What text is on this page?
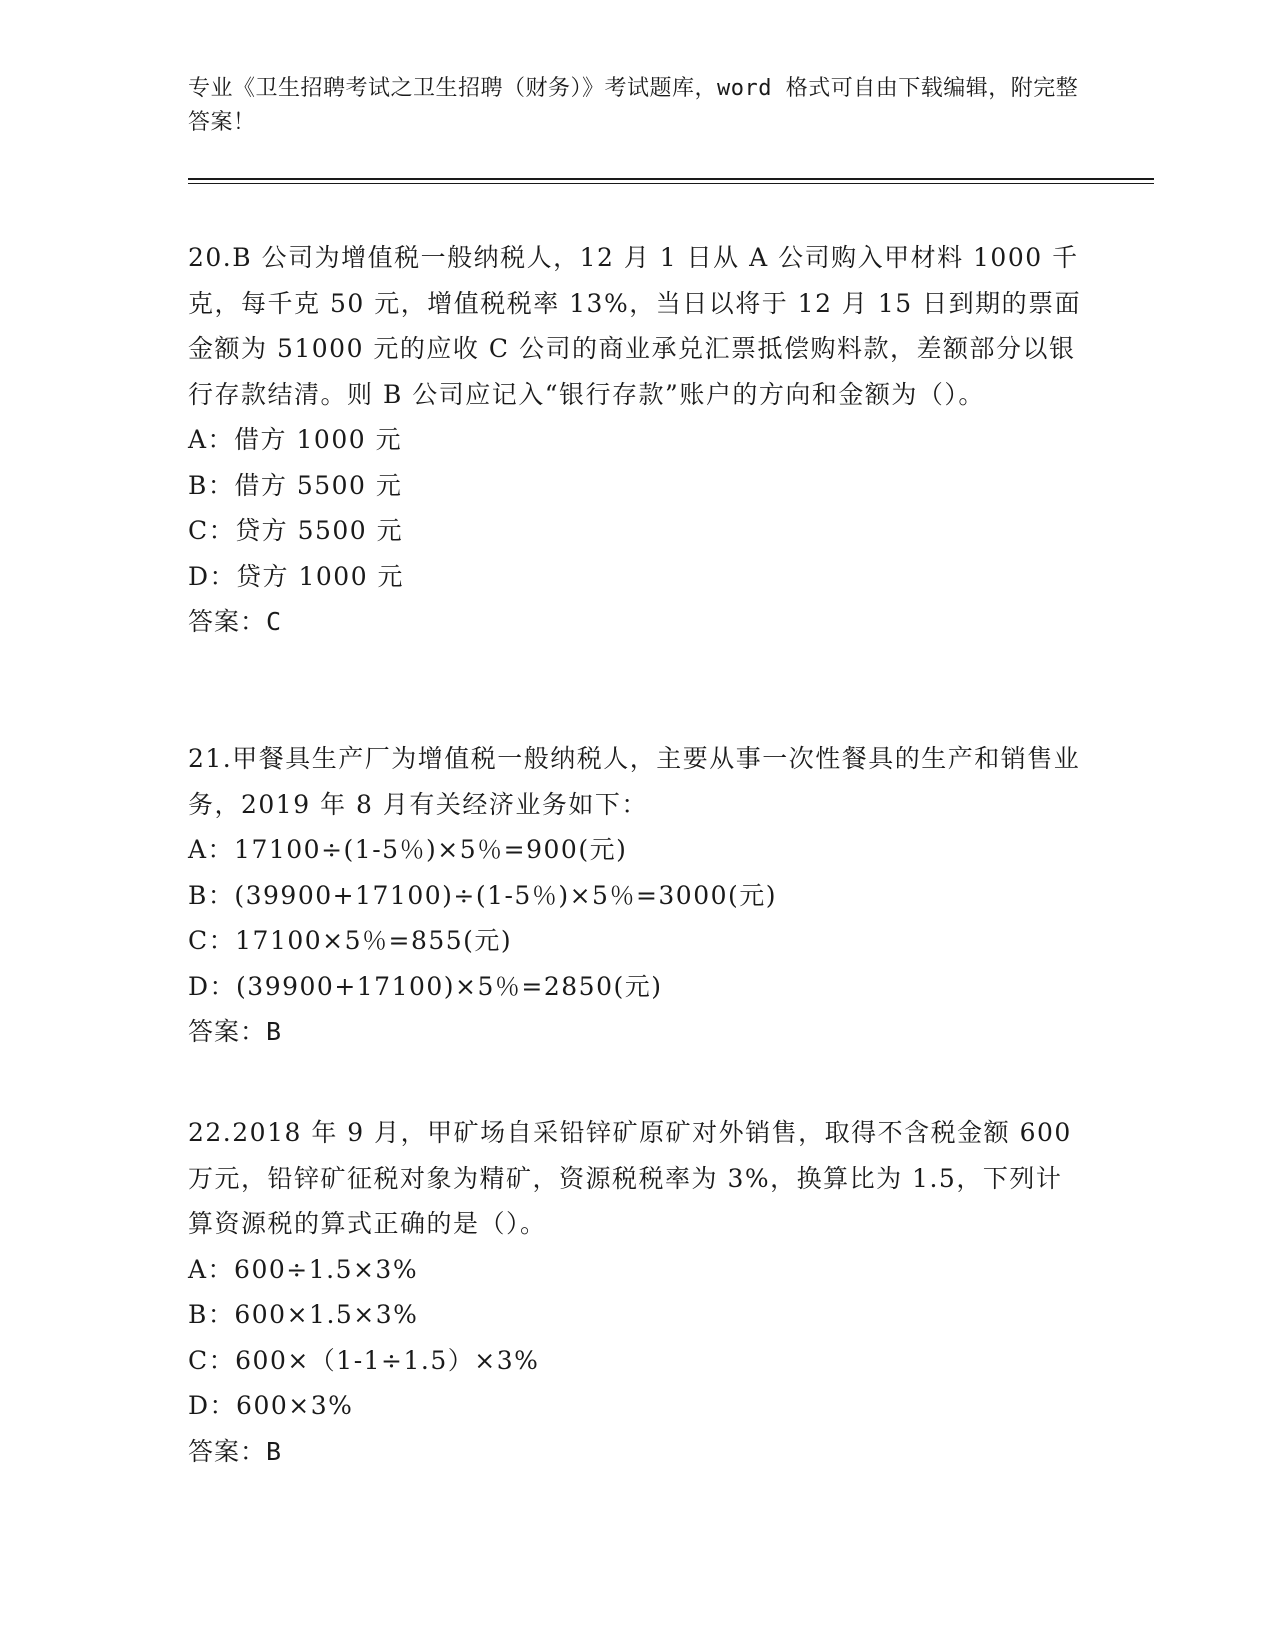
专业《卫生招聘考试之卫生招聘（财务）》考试题库，word 格式可自由下载编辑，附完整答案！
20.B 公司为增值税一般纳税人，12 月 1 日从 A 公司购入甲材料 1000 千克，每千克 50 元，增值税税率 13%，当日以将于 12 月 15 日到期的票面金额为 51000 元的应收 C 公司的商业承兑汇票抵偿购料款，差额部分以银行存款结清。则 B 公司应记入“银行存款”账户的方向和金额为（）。
A：借方 1000 元
B：借方 5500 元
C：贷方 5500 元
D：贷方 1000 元
答案：C
21.甲餐具生产厂为增值税一般纳税人，主要从事一次性餐具的生产和销售业务，2019 年 8 月有关经济业务如下：
A：17100÷(1-5％)×5％=900(元)
B：(39900+17100)÷(1-5％)×5％=3000(元)
C：17100×5％=855(元)
D：(39900+17100)×5％=2850(元)
答案：B
22.2018 年 9 月，甲矿场自采铅锌矿原矿对外销售，取得不含税金额 600 万元，铅锌矿征税对象为精矿，资源税税率为 3%，换算比为 1.5，下列计算资源税的算式正确的是（）。
A：600÷1.5×3%
B：600×1.5×3%
C：600×（1-1÷1.5）×3%
D：600×3%
答案：B
